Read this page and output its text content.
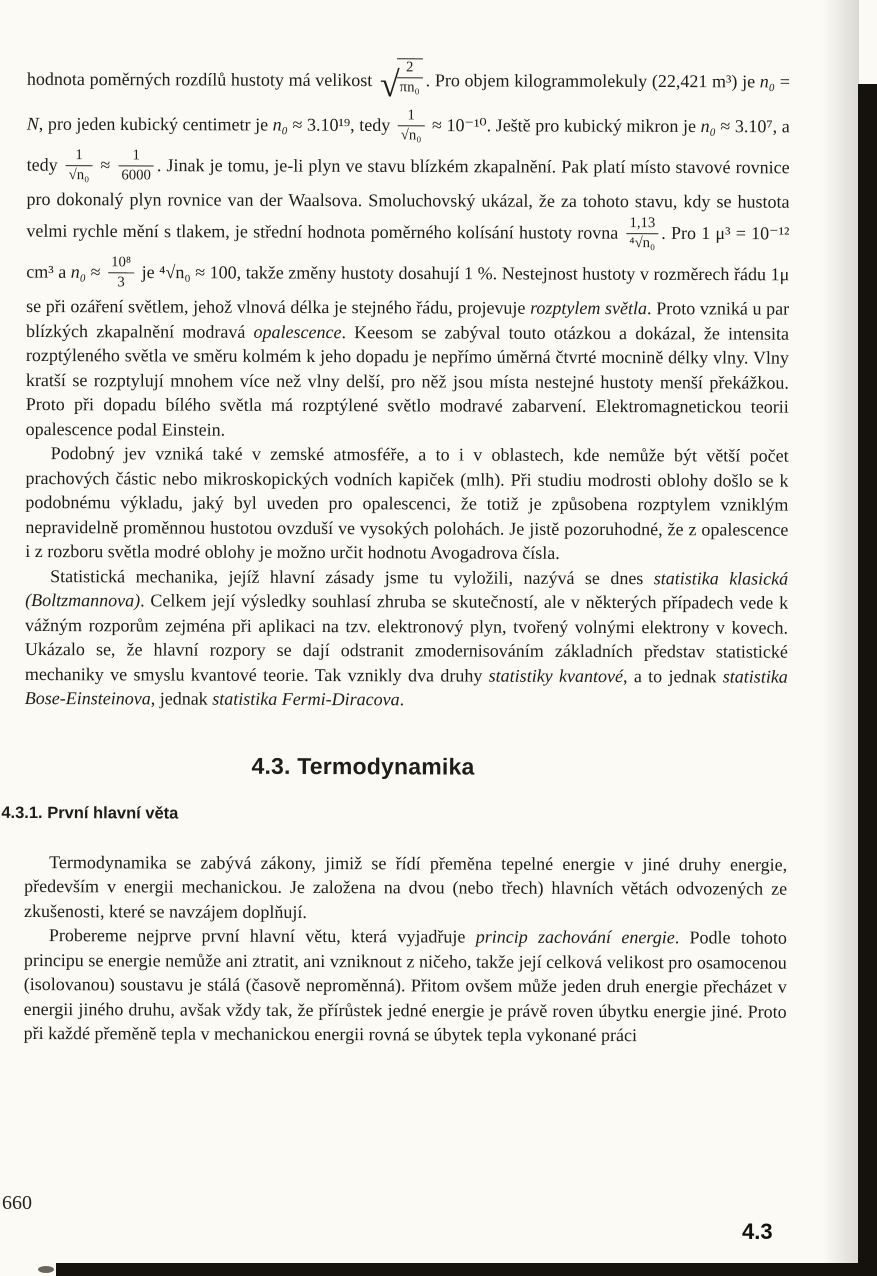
hodnota poměrných rozdílů hustoty má velikost √
$\frac{2}{\text{πn₀}}$ . Pro objem kilogrammolekuly (22,421 m³) je n₀ = N, pro jeden kubický centimetr je n₀ ≈ 3.10¹⁹, tedy $\frac{1}{\text{√n₀}} \approx 10^{-10}$. Ještě pro kubický mikron je n₀ ≈ 3.10⁷, a tedy $\frac{1}{\text{√n₀}} \approx \frac{1}{6000}$ . Jinak je tomu, je-li plyn ve stavu blízkém zkapalnění. Pak platí místo stavové rovnice pro dokonalý plyn rovnice van der Waalsova. Smoluchovský ukázal, že za tohoto stavu, kdy se hustota velmi rychle mění s tlakem, je střední hodnota poměrného kolísání hustoty rovna $\frac{1,13}{\text{⁴√n₀}}$ . Pro 1 μ³ = 10⁻¹² cm³ a $n_0 \approx \frac{\text{10⁸}}{3}$ je ⁴√n₀ ≈ 100, takže změny hustoty dosahují 1 %. Nestejnost hustoty v rozměrech řádu 1μ se při ozáření světlem, jehož vlnová délka je stejného řádu, projevuje rozptylem světla. Proto vzniká u par blízkých zkapalnění modravá opalescence. Keesom se zabýval touto otázkou a dokázal, že intensita rozptýleného světla ve směru kolmém k jeho dopadu je nepřímo úměrná čtvrté mocnině délky vlny. Vlny kratší se rozptylují mnohem více než vlny delší, pro něž jsou místa nestejné hustoty menší překážkou. Proto při dopadu bílého světla má rozptýlené světlo modravé zabarvení. Elektromagnetickou teorii opalescence podal Einstein.

Podobný jev vzniká také v zemské atmosféře, a to i v oblastech, kde nemůže být větší počet prachových částic nebo mikroskopických vodních kapiček (mlh). Při studiu modrosti oblohy došlo se k podobnému výkladu, jaký byl uveden pro opalescenci, že totiž je způsobena rozptylem vzniklým nepravidelně proměnnou hustotou ovzduší ve vysokých polohách. Je jistě pozoruhodné, že z opalescence i z rozboru světla modré oblohy je možno určit hodnotu Avogadrova čísla.

Statistická mechanika, jejíž hlavní zásady jsme tu vyložili, nazývá se dnes statistika klasická (Boltzmannova). Celkem její výsledky souhlasí zhruba se skutečností, ale v některých případech vede k vážným rozporům zejména při aplikaci na tzv. elektronový plyn, tvořený volnými elektrony v kovech. Ukázalo se, že hlavní rozpory se dají odstranit zmodernisováním základních představ statistické mechaniky ve smyslu kvantové teorie. Tak vznikly dva druhy statistiky kvantové, a to jednak statistika Bose-Einsteinova, jednak statistika Fermi-Diracova.

4.3. Termodynamika
4.3.1. První hlavní věta

Termodynamika se zabývá zákony, jimiž se řídí přeměna tepelné energie v jiné druhy energie, především v energii mechanickou. Je založena na dvou (nebo třech) hlavních větách odvozených ze zkušenosti, které se navzájem doplňují.

Probereme nejprve první hlavní větu, která vyjadřuje princip zachování energie. Podle tohoto principu se energie nemůže ani ztratit, ani vzniknout z ničeho, takže její celková velikost pro osamocenou (isolovanou) soustavu je stálá (časově neproměnná). Přitom ovšem může jeden druh energie přecházet v energii jiného druhu, avšak vždy tak, že přírůstek jedné energie je právě roven úbytku energie jiné. Proto při každé přeměně tepla v mechanickou energii rovná se úbytek tepla vykonané práci

660
4.3
